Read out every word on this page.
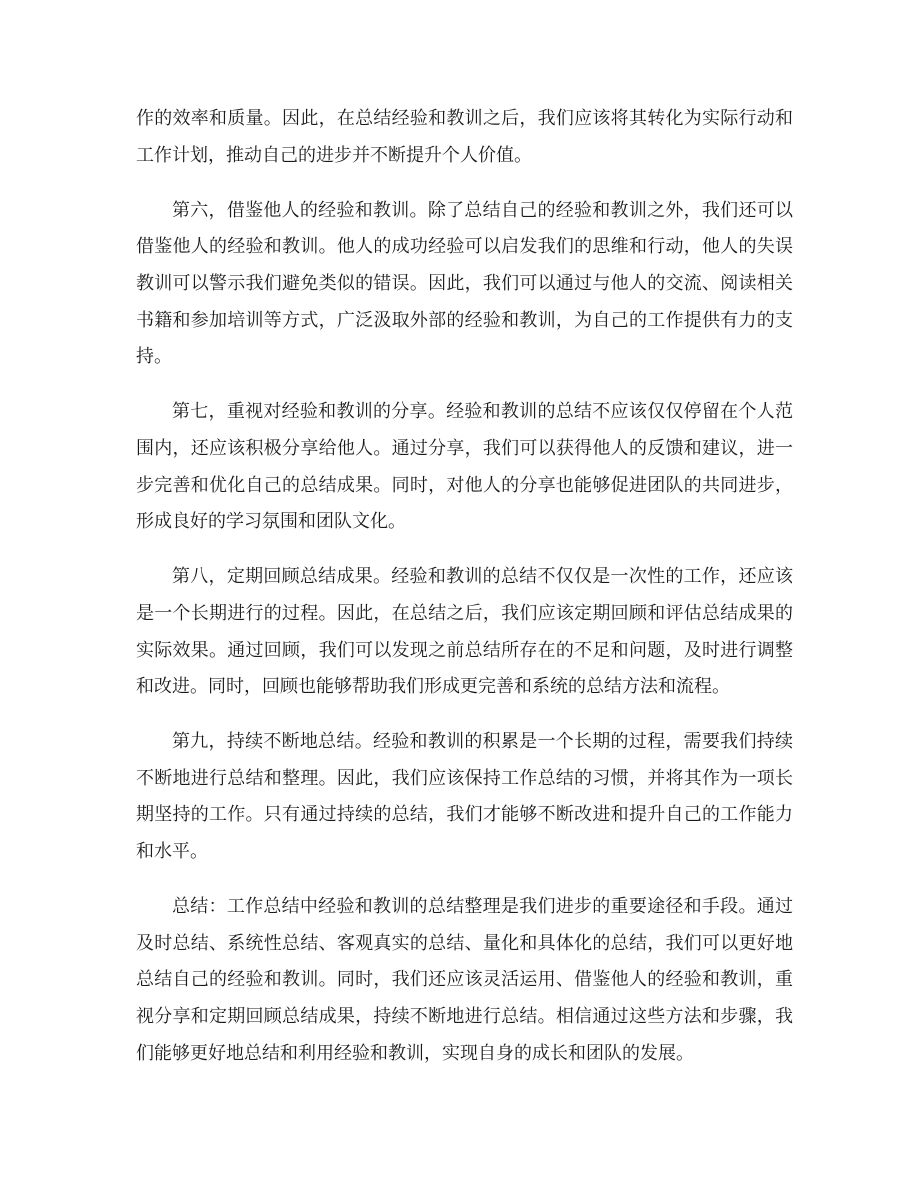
作的效率和质量。因此，在总结经验和教训之后，我们应该将其转化为实际行动和工作计划，推动自己的进步并不断提升个人价值。

第六，借鉴他人的经验和教训。除了总结自己的经验和教训之外，我们还可以借鉴他人的经验和教训。他人的成功经验可以启发我们的思维和行动，他人的失误教训可以警示我们避免类似的错误。因此，我们可以通过与他人的交流、阅读相关书籍和参加培训等方式，广泛汲取外部的经验和教训，为自己的工作提供有力的支持。

第七，重视对经验和教训的分享。经验和教训的总结不应该仅仅停留在个人范围内，还应该积极分享给他人。通过分享，我们可以获得他人的反馈和建议，进一步完善和优化自己的总结成果。同时，对他人的分享也能够促进团队的共同进步，形成良好的学习氛围和团队文化。

第八，定期回顾总结成果。经验和教训的总结不仅仅是一次性的工作，还应该是一个长期进行的过程。因此，在总结之后，我们应该定期回顾和评估总结成果的实际效果。通过回顾，我们可以发现之前总结所存在的不足和问题，及时进行调整和改进。同时，回顾也能够帮助我们形成更完善和系统的总结方法和流程。

第九，持续不断地总结。经验和教训的积累是一个长期的过程，需要我们持续不断地进行总结和整理。因此，我们应该保持工作总结的习惯，并将其作为一项长期坚持的工作。只有通过持续的总结，我们才能够不断改进和提升自己的工作能力和水平。

总结：工作总结中经验和教训的总结整理是我们进步的重要途径和手段。通过及时总结、系统性总结、客观真实的总结、量化和具体化的总结，我们可以更好地总结自己的经验和教训。同时，我们还应该灵活运用、借鉴他人的经验和教训，重视分享和定期回顾总结成果，持续不断地进行总结。相信通过这些方法和步骤，我们能够更好地总结和利用经验和教训，实现自身的成长和团队的发展。
